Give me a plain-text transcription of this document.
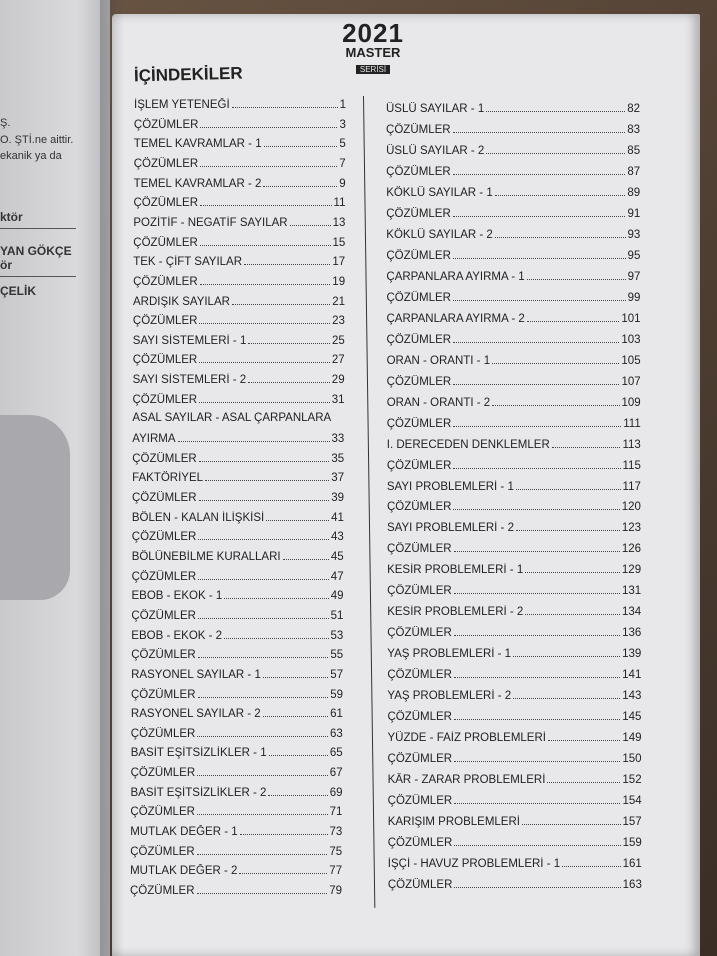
Ş.
O. ŞTİ.ne aittir.
ekanik ya da
ktör
YAN GÖKÇE
ör
ÇELİK
2021
MASTER
SERİSİ
İÇİNDEKİLER
İŞLEM YETENEĞİ	1
ÇÖZÜMLER	3
TEMEL KAVRAMLAR - 1	5
ÇÖZÜMLER	7
TEMEL KAVRAMLAR - 2	9
ÇÖZÜMLER	11
POZİTİF - NEGATİF SAYILAR	13
ÇÖZÜMLER	15
TEK - ÇİFT SAYILAR	17
ÇÖZÜMLER	19
ARDIŞIK SAYILAR	21
ÇÖZÜMLER	23
SAYI SİSTEMLERİ - 1	25
ÇÖZÜMLER	27
SAYI SİSTEMLERİ - 2	29
ÇÖZÜMLER	31
ASAL SAYILAR - ASAL ÇARPANLARA
AYIRMA	33
ÇÖZÜMLER	35
FAKTÖRİYEL	37
ÇÖZÜMLER	39
BÖLEN - KALAN İLİŞKİSİ	41
ÇÖZÜMLER	43
BÖLÜNEBİLME KURALLARI	45
ÇÖZÜMLER	47
EBOB - EKOK - 1	49
ÇÖZÜMLER	51
EBOB - EKOK - 2	53
ÇÖZÜMLER	55
RASYONEL SAYILAR - 1	57
ÇÖZÜMLER	59
RASYONEL SAYILAR - 2	61
ÇÖZÜMLER	63
BASİT EŞİTSİZLİKLER - 1	65
ÇÖZÜMLER	67
BASİT EŞİTSİZLİKLER - 2	69
ÇÖZÜMLER	71
MUTLAK DEĞER - 1	73
ÇÖZÜMLER	75
MUTLAK DEĞER - 2	77
ÇÖZÜMLER	79
ÜSLÜ SAYILAR - 1	82
ÇÖZÜMLER	83
ÜSLÜ SAYILAR - 2	85
ÇÖZÜMLER	87
KÖKLÜ SAYILAR - 1	89
ÇÖZÜMLER	91
KÖKLÜ SAYILAR - 2	93
ÇÖZÜMLER	95
ÇARPANLARA AYIRMA - 1	97
ÇÖZÜMLER	99
ÇARPANLARA AYIRMA - 2	101
ÇÖZÜMLER	103
ORAN - ORANTI - 1	105
ÇÖZÜMLER	107
ORAN - ORANTI - 2	109
ÇÖZÜMLER	111
I. DERECEDEN DENKLEMLER	113
ÇÖZÜMLER	115
SAYI PROBLEMLERİ - 1	117
ÇÖZÜMLER	120
SAYI PROBLEMLERİ - 2	123
ÇÖZÜMLER	126
KESİR PROBLEMLERİ - 1	129
ÇÖZÜMLER	131
KESİR PROBLEMLERİ - 2	134
ÇÖZÜMLER	136
YAŞ PROBLEMLERİ - 1	139
ÇÖZÜMLER	141
YAŞ PROBLEMLERİ - 2	143
ÇÖZÜMLER	145
YÜZDE - FAİZ PROBLEMLERİ	149
ÇÖZÜMLER	150
KÂR - ZARAR PROBLEMLERİ	152
ÇÖZÜMLER	154
KARIŞIM PROBLEMLERİ	157
ÇÖZÜMLER	159
İŞÇİ - HAVUZ PROBLEMLERİ - 1	161
ÇÖZÜMLER	163
